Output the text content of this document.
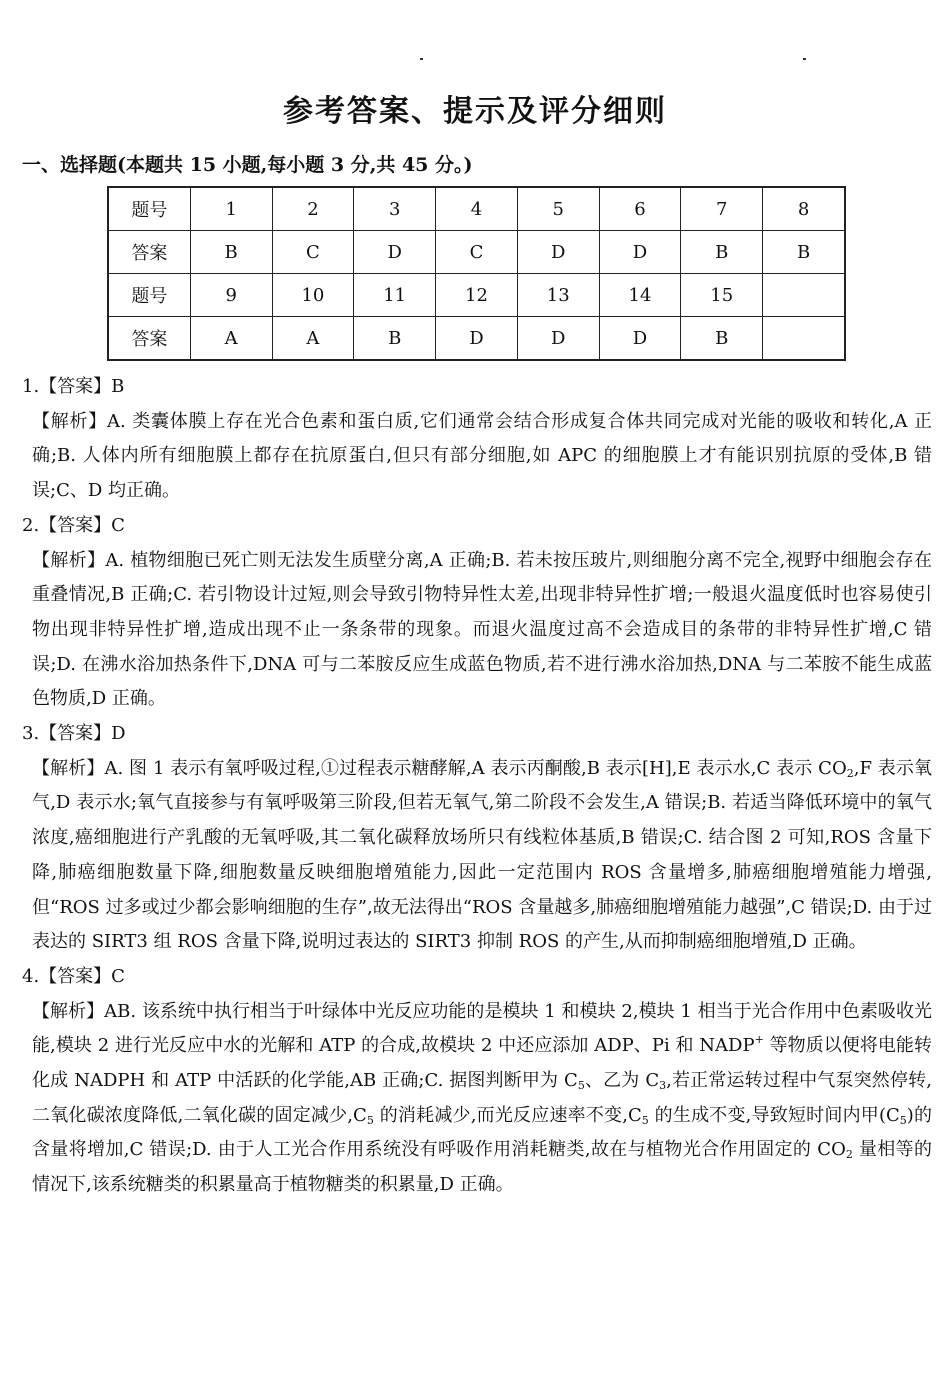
参考答案、提示及评分细则
一、选择题(本题共 15 小题,每小题 3 分,共 45 分。)
题号	1	2	3	4	5	6	7	8
答案	B	C	D	C	D	D	B	B
题号	9	10	11	12	13	14	15	
答案	A	A	B	D	D	D	B	

1.【答案】B

【解析】A. 类囊体膜上存在光合色素和蛋白质,它们通常会结合形成复合体共同完成对光能的吸收和转化,A 正确;B. 人体内所有细胞膜上都存在抗原蛋白,但只有部分细胞,如 APC 的细胞膜上才有能识别抗原的受体,B 错误;C、D 均正确。

2.【答案】C

【解析】A. 植物细胞已死亡则无法发生质壁分离,A 正确;B. 若未按压玻片,则细胞分离不完全,视野中细胞会存在重叠情况,B 正确;C. 若引物设计过短,则会导致引物特异性太差,出现非特异性扩增;一般退火温度低时也容易使引物出现非特异性扩增,造成出现不止一条条带的现象。而退火温度过高不会造成目的条带的非特异性扩增,C 错误;D. 在沸水浴加热条件下,DNA 可与二苯胺反应生成蓝色物质,若不进行沸水浴加热,DNA 与二苯胺不能生成蓝色物质,D 正确。

3.【答案】D

【解析】A. 图 1 表示有氧呼吸过程,①过程表示糖酵解,A 表示丙酮酸,B 表示[H],E 表示水,C 表示 $CO_2,F$ 表示氧气,D 表示水;氧气直接参与有氧呼吸第三阶段,但若无氧气,第二阶段不会发生,A 错误;B. 若适当降低环境中的氧气浓度,癌细胞进行产乳酸的无氧呼吸,其二氧化碳释放场所只有线粒体基质,B 错误;C. 结合图 2 可知,ROS 含量下降,肺癌细胞数量下降,细胞数量反映细胞增殖能力,因此一定范围内 ROS 含量增多,肺癌细胞增殖能力增强,但“ROS 过多或过少都会影响细胞的生存”,故无法得出“ROS 含量越多,肺癌细胞增殖能力越强”,C 错误;D. 由于过表达的 SIRT3 组 ROS 含量下降,说明过表达的 SIRT3 抑制 ROS 的产生,从而抑制癌细胞增殖,D 正确。

4.【答案】C

【解析】AB. 该系统中执行相当于叶绿体中光反应功能的是模块 1 和模块 2,模块 1 相当于光合作用中色素吸收光能,模块 2 进行光反应中水的光解和 ATP 的合成,故模块 2 中还应添加 ADP、Pi 和 NADP+ 等物质以便将电能转化成 NADPH 和 ATP 中活跃的化学能,AB 正确;C. 据图判断甲为 $C_5$、乙为 $C_3$,若正常运转过程中气泵突然停转,二氧化碳浓度降低,二氧化碳的固定减少$,C_5$ 的消耗减少,而光反应速率不变$,C_5$ 的生成不变,导致短时间内甲$(C_5)$的含量将增加,C 错误;D. 由于人工光合作用系统没有呼吸作用消耗糖类,故在与植物光合作用固定的 $CO_2$ 量相等的情况下,该系统糖类的积累量高于植物糖类的积累量,D 正确。
